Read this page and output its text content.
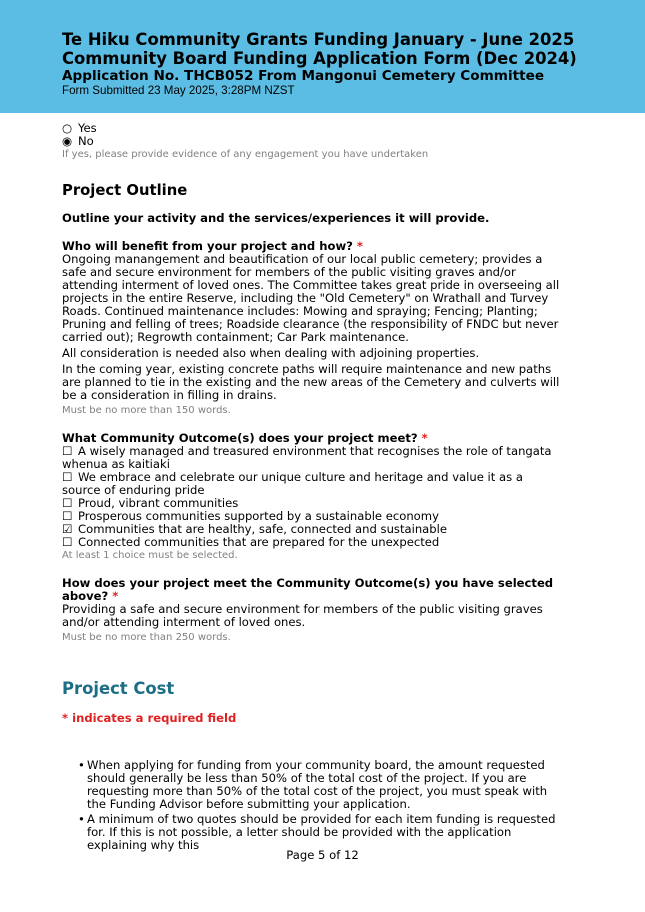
Te Hiku Community Grants Funding January - June 2025
Community Board Funding Application Form (Dec 2024)
Application No. THCB052 From Mangonui Cemetery Committee
Form Submitted 23 May 2025, 3:28PM NZST
○ Yes
◉ No
If yes, please provide evidence of any engagement you have undertaken
Project Outline
Outline your activity and the services/experiences it will provide.
Who will benefit from your project and how? *

Ongoing manangement and beautification of our local public cemetery; provides a safe and secure environment for members of the public visiting graves and/or attending interment of loved ones. The Committee takes great pride in overseeing all projects in the entire Reserve, including the "Old Cemetery" on Wrathall and Turvey Roads. Continued maintenance includes: Mowing and spraying; Fencing; Planting; Pruning and felling of trees; Roadside clearance (the responsibility of FNDC but never carried out); Regrowth containment; Car Park maintenance.

All consideration is needed also when dealing with adjoining properties.

In the coming year, existing concrete paths will require maintenance and new paths are planned to tie in the existing and the new areas of the Cemetery and culverts will be a consideration in filling in drains.

Must be no more than 150 words.
What Community Outcome(s) does your project meet? *
☐ A wisely managed and treasured environment that recognises the role of tangata whenua as kaitiaki
☐ We embrace and celebrate our unique culture and heritage and value it as a source of enduring pride
☐ Proud, vibrant communities
☐ Prosperous communities supported by a sustainable economy
☑ Communities that are healthy, safe, connected and sustainable
☐ Connected communities that are prepared for the unexpected
At least 1 choice must be selected.
How does your project meet the Community Outcome(s) you have selected above? *

Providing a safe and secure environment for members of the public visiting graves and/or attending interment of loved ones.

Must be no more than 250 words.
Project Cost
* indicates a required field
• When applying for funding from your community board, the amount requested should generally be less than 50% of the total cost of the project. If you are requesting more than 50% of the total cost of the project, you must speak with the Funding Advisor before submitting your application.
• A minimum of two quotes should be provided for each item funding is requested for. If this is not possible, a letter should be provided with the application explaining why this
Page 5 of 12
